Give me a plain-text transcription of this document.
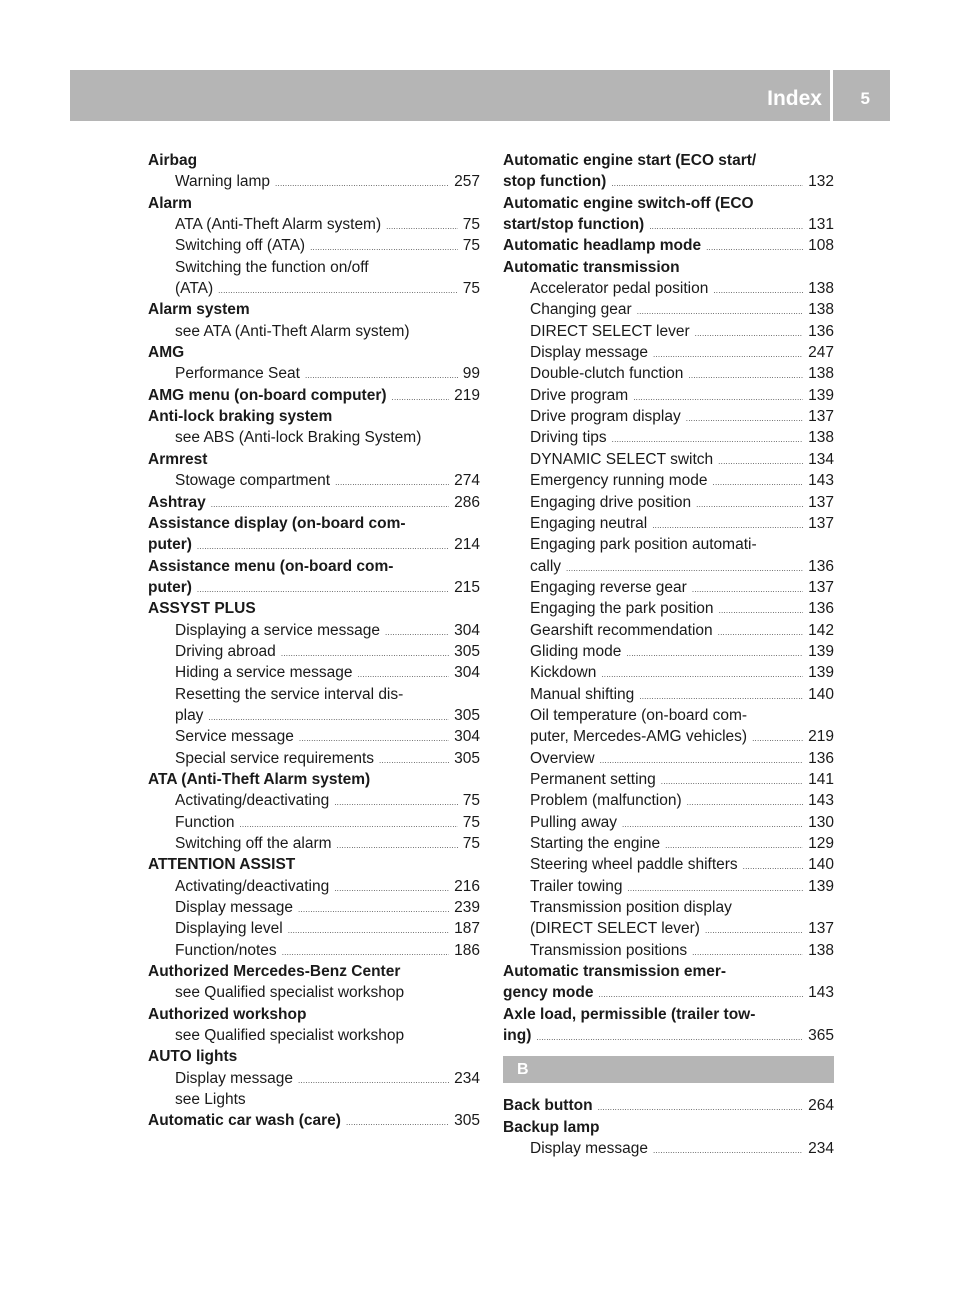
Index 5
Airbag
Warning lamp . . .	257
Alarm
ATA (Anti-Theft Alarm system) . . .	75
Switching off (ATA) . . .	75
Switching the function on/off
(ATA) . . .	75
Alarm system
see ATA (Anti-Theft Alarm system)
AMG
Performance Seat . . .	99
AMG menu (on-board computer) . . .	219
Anti-lock braking system
see ABS (Anti-lock Braking System)
Armrest
Stowage compartment . . .	274
Ashtray . . .	286
Assistance display (on-board com-
puter) . . .	214
Assistance menu (on-board com-
puter) . . .	215
ASSYST PLUS
Displaying a service message . . .	304
Driving abroad . . .	305
Hiding a service message . . .	304
Resetting the service interval dis-
play . . .	305
Service message . . .	304
Special service requirements . . .	305
ATA (Anti-Theft Alarm system)
Activating/deactivating . . .	75
Function . . .	75
Switching off the alarm . . .	75
ATTENTION ASSIST
Activating/deactivating . . .	216
Display message . . .	239
Displaying level . . .	187
Function/notes . . .	186
Authorized Mercedes-Benz Center
see Qualified specialist workshop
Authorized workshop
see Qualified specialist workshop
AUTO lights
Display message . . .	234
see Lights
Automatic car wash (care) . . .	305
Automatic engine start (ECO start/
stop function) . . .	132
Automatic engine switch-off (ECO
start/stop function) . . .	131
Automatic headlamp mode . . .	108
Automatic transmission
Accelerator pedal position . . .	138
Changing gear . . .	138
DIRECT SELECT lever . . .	136
Display message . . .	247
Double-clutch function . . .	138
Drive program . . .	139
Drive program display . . .	137
Driving tips . . .	138
DYNAMIC SELECT switch . . .	134
Emergency running mode . . .	143
Engaging drive position . . .	137
Engaging neutral . . .	137
Engaging park position automati-
cally . . .	136
Engaging reverse gear . . .	137
Engaging the park position . . .	136
Gearshift recommendation . . .	142
Gliding mode . . .	139
Kickdown . . .	139
Manual shifting . . .	140
Oil temperature (on-board com-
puter, Mercedes-AMG vehicles) . . .	219
Overview . . .	136
Permanent setting . . .	141
Problem (malfunction) . . .	143
Pulling away . . .	130
Starting the engine . . .	129
Steering wheel paddle shifters . . .	140
Trailer towing . . .	139
Transmission position display
(DIRECT SELECT lever) . . .	137
Transmission positions . . .	138
Automatic transmission emer-
gency mode . . .	143
Axle load, permissible (trailer tow-
ing) . . .	365
B
Back button . . .	264
Backup lamp
Display message . . .	234
